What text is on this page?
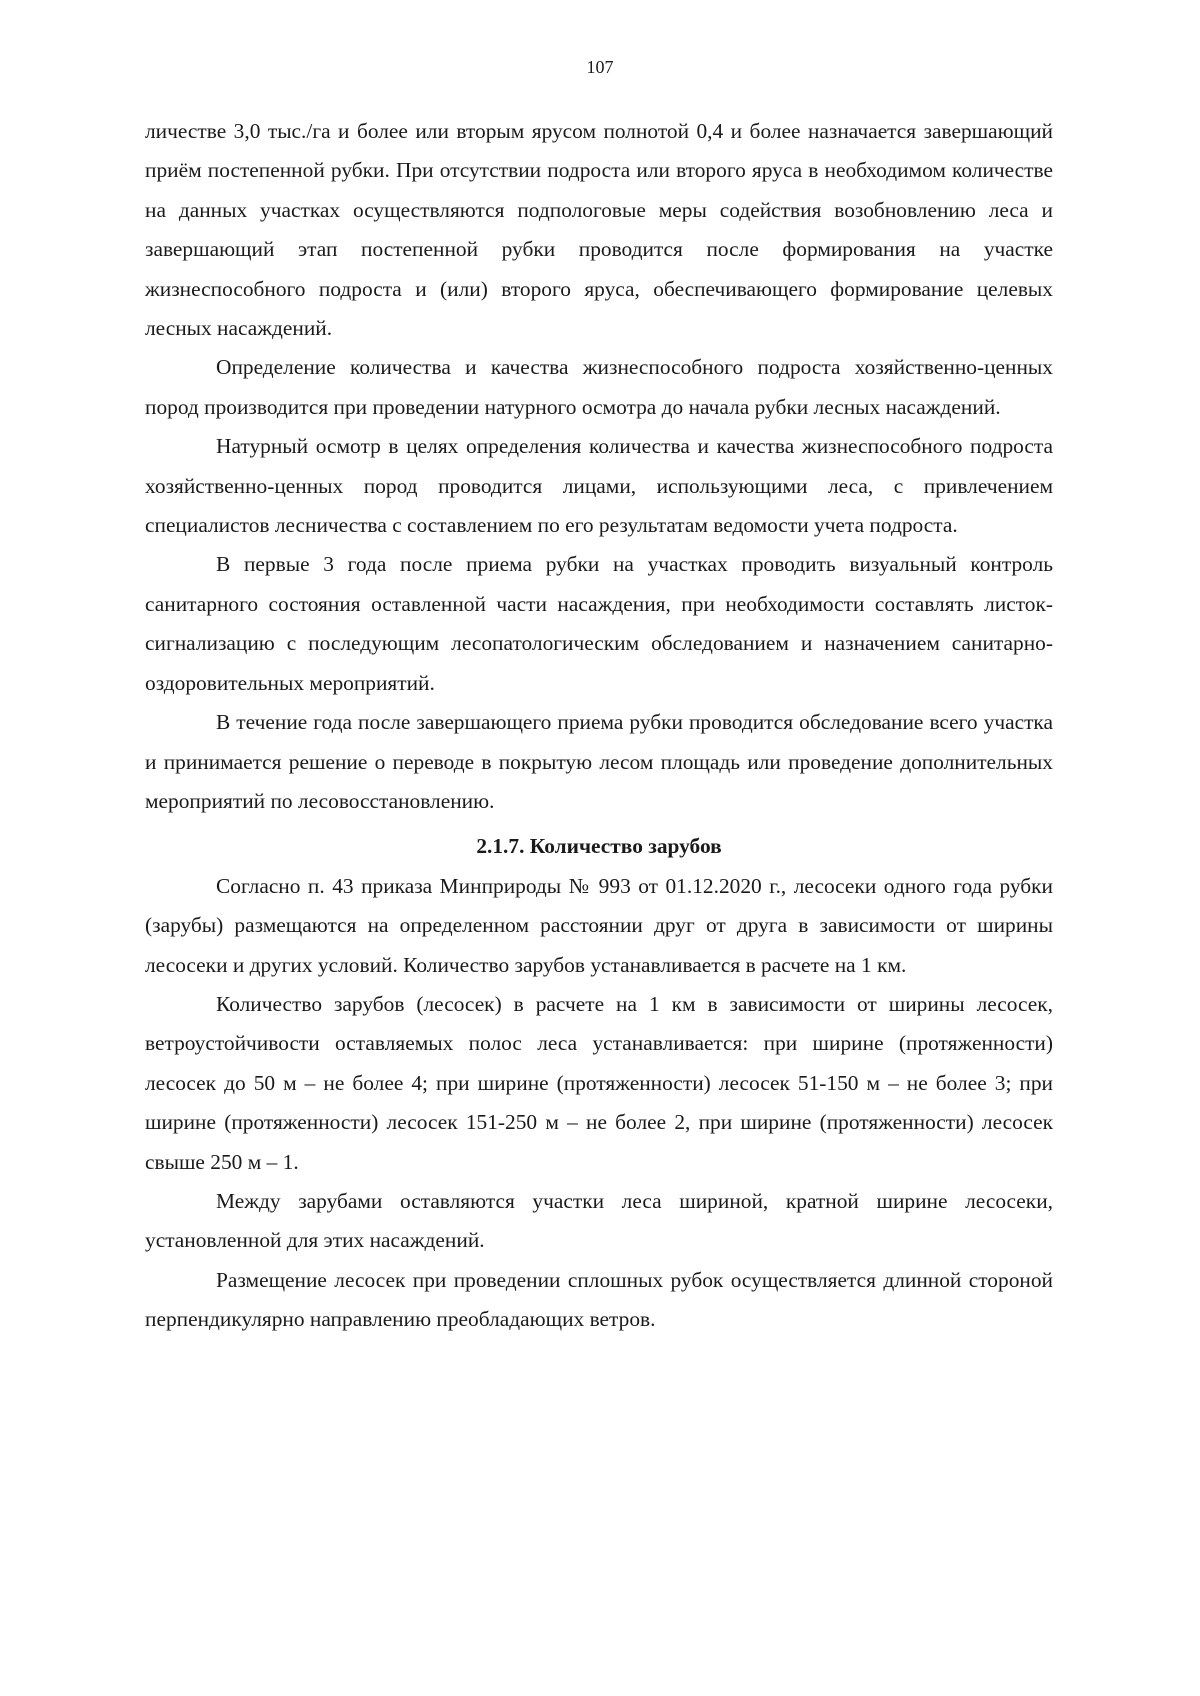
107

личестве 3,0 тыс./га и более или вторым ярусом полнотой 0,4 и более назначается завершающий приём постепенной рубки. При отсутствии подроста или второго яруса в необходимом количестве на данных участках осуществляются подпологовые меры содействия возобновлению леса и завершающий этап постепенной рубки проводится после формирования на участке жизнеспособного подроста и (или) второго яруса, обеспечивающего формирование целевых лесных насаждений.

Определение количества и качества жизнеспособного подроста хозяйственно-ценных пород производится при проведении натурного осмотра до начала рубки лесных насаждений.

Натурный осмотр в целях определения количества и качества жизнеспособного подроста хозяйственно-ценных пород проводится лицами, использующими леса, с привлечением специалистов лесничества с составлением по его результатам ведомости учета подроста.

В первые 3 года после приема рубки на участках проводить визуальный контроль санитарного состояния оставленной части насаждения, при необходимости составлять листок-сигнализацию с последующим лесопатологическим обследованием и назначением санитарно-оздоровительных мероприятий.

В течение года после завершающего приема рубки проводится обследование всего участка и принимается решение о переводе в покрытую лесом площадь или проведение дополнительных мероприятий по лесовосстановлению.

2.1.7. Количество зарубов

Согласно п. 43 приказа Минприроды № 993 от 01.12.2020 г., лесосеки одного года рубки (зарубы) размещаются на определенном расстоянии друг от друга в зависимости от ширины лесосеки и других условий. Количество зарубов устанавливается в расчете на 1 км.

Количество зарубов (лесосек) в расчете на 1 км в зависимости от ширины лесосек, ветроустойчивости оставляемых полос леса устанавливается: при ширине (протяженности) лесосек до 50 м – не более 4; при ширине (протяженности) лесосек 51-150 м – не более 3; при ширине (протяженности) лесосек 151-250 м – не более 2, при ширине (протяженности) лесосек свыше 250 м – 1.

Между зарубами оставляются участки леса шириной, кратной ширине лесосеки, установленной для этих насаждений.

Размещение лесосек при проведении сплошных рубок осуществляется длинной стороной перпендикулярно направлению преобладающих ветров.
